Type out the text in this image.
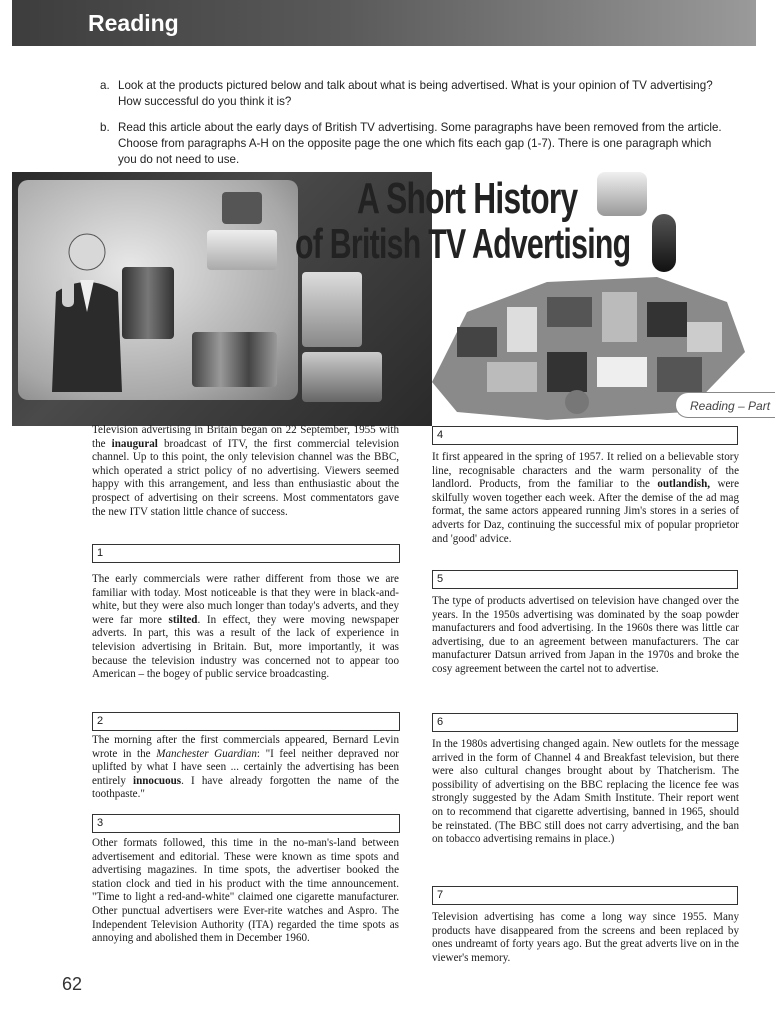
Reading
a. Look at the products pictured below and talk about what is being advertised. What is your opinion of TV advertising? How successful do you think it is?
b. Read this article about the early days of British TV advertising. Some paragraphs have been removed from the article. Choose from paragraphs A-H on the opposite page the one which fits each gap (1-7). There is one paragraph which you do not need to use.
A Short History
of British TV Advertising
Reading – Part

Television advertising in Britain began on 22 September, 1955 with the inaugural broadcast of ITV, the first commercial television channel. Up to this point, the only television channel was the BBC, which operated a strict policy of no advertising. Viewers seemed happy with this arrangement, and less than enthusiastic about the prospect of advertising on their screens. Most commentators gave the new ITV station little chance of success.

1

The early commercials were rather different from those we are familiar with today. Most noticeable is that they were in black-and-white, but they were also much longer than today's adverts, and they were far more stilted. In effect, they were moving newspaper adverts. In part, this was a result of the lack of experience in television advertising in Britain. But, more importantly, it was because the television industry was concerned not to appear too American – the bogey of public service broadcasting.

2

The morning after the first commercials appeared, Bernard Levin wrote in the Manchester Guardian: "I feel neither depraved nor uplifted by what I have seen ... certainly the advertising has been entirely innocuous. I have already forgotten the name of the toothpaste."

3

Other formats followed, this time in the no-man's-land between advertisement and editorial. These were known as time spots and advertising magazines. In time spots, the advertiser booked the station clock and tied in his product with the time announcement. "Time to light a red-and-white" claimed one cigarette manufacturer. Other punctual advertisers were Ever-rite watches and Aspro. The Independent Television Authority (ITA) regarded the time spots as annoying and abolished them in December 1960.

4

It first appeared in the spring of 1957. It relied on a believable story line, recognisable characters and the warm personality of the landlord. Products, from the familiar to the outlandish, were skilfully woven together each week. After the demise of the ad mag format, the same actors appeared running Jim's stores in a series of adverts for Daz, continuing the successful mix of popular proprietor and 'good' advice.

5

The type of products advertised on television have changed over the years. In the 1950s advertising was dominated by the soap powder manufacturers and food advertising. In the 1960s there was little car advertising, due to an agreement between manufacturers. The car manufacturer Datsun arrived from Japan in the 1970s and broke the cosy agreement between the cartel not to advertise.

6

In the 1980s advertising changed again. New outlets for the message arrived in the form of Channel 4 and Breakfast television, but there were also cultural changes brought about by Thatcherism. The possibility of advertising on the BBC replacing the licence fee was strongly suggested by the Adam Smith Institute. Their report went on to recommend that cigarette advertising, banned in 1965, should be reinstated. (The BBC still does not carry advertising, and the ban on tobacco advertising remains in place.)

7

Television advertising has come a long way since 1955. Many products have disappeared from the screens and been replaced by ones undreamt of forty years ago. But the great adverts live on in the viewer's memory.

62
